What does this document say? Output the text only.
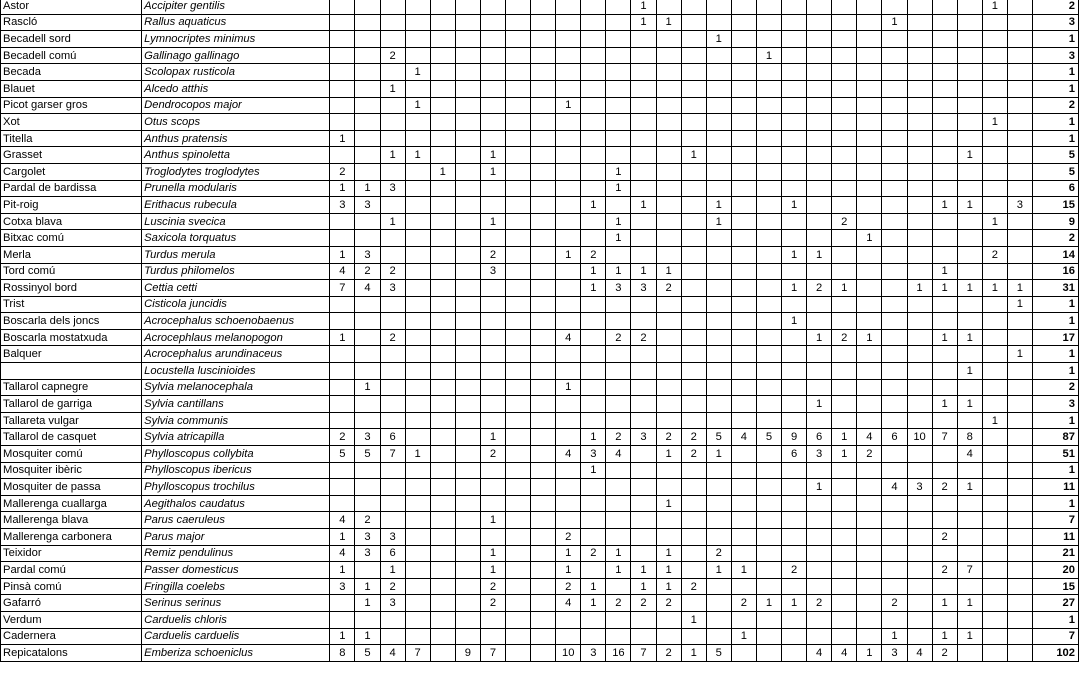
Astor	Accipiter gentilis													1														1		2
Rascló	Rallus aquaticus													1	1									1						3
Becadell sord	Lymnocriptes minimus																1													1
Becadell comú	Gallinago gallinago			2															1											3
Becada	Scolopax rusticola				1																									1
Blauet	Alcedo atthis			1																										1
Picot garser gros	Dendrocopos major				1						1																			2
Xot	Otus scops																											1		1
Titella	Anthus pratensis	1																												1
Grasset	Anthus spinoletta			1	1			1								1											1			5
Cargolet	Troglodytes troglodytes	2				1		1					1																	5
Pardal de bardissa	Prunella modularis	1	1	3									1																	6
Pit-roig	Erithacus rubecula	3	3									1		1			1			1						1	1		3	15
Cotxa blava	Luscinia svecica			1				1					1				1					2						1		9
Bitxac comú	Saxicola torquatus												1										1							2
Merla	Turdus merula	1	3					2			1	2								1	1							2		14
Tord comú	Turdus philomelos	4	2	2				3				1	1	1	1											1				16
Rossinyol bord	Cettia cetti	7	4	3								1	3	3	2					1	2	1			1	1	1	1	1	31
Trist	Cisticola juncidis																												1	1
Boscarla dels joncs	Acrocephalus schoenobaenus																			1										1
Boscarla mostatxuda	Acrocephlaus melanopogon	1		2							4		2	2							1	2	1			1	1			17
Balquer	Acrocephalus arundinaceus																												1	1
	Locustella luscinioides																										1			1
Tallarol capnegre	Sylvia melanocephala		1								1																			2
Tallarol de garriga	Sylvia cantillans																				1					1	1			3
Tallareta vulgar	Sylvia communis																											1		1
Tallarol de casquet	Sylvia atricapilla	2	3	6				1				1	2	3	2	2	5	4	5	9	6	1	4	6	10	7	8			87
Mosquiter comú	Phylloscopus collybita	5	5	7	1			2			4	3	4		1	2	1			6	3	1	2				4			51
Mosquiter ibèric	Phylloscopus ibericus											1																		1
Mosquiter de passa	Phylloscopus trochilus																				1			4	3	2	1			11
Mallerenga cuallarga	Aegithalos caudatus														1															1
Mallerenga blava	Parus caeruleus	4	2					1																						7
Mallerenga carbonera	Parus major	1	3	3							2															2				11
Teixidor	Remiz pendulinus	4	3	6				1			1	2	1		1		2													21
Pardal comú	Passer domesticus	1		1				1			1		1	1	1		1	1		2						2	7			20
Pinsà comú	Fringilla coelebs	3	1	2				2			2	1		1	1	2														15
Gafarró	Serinus serinus		1	3				2			4	1	2	2	2			2	1	1	2			2		1	1			27
Verdum	Carduelis chloris															1														1
Cadernera	Carduelis carduelis	1	1															1						1		1	1			7
Repicatalons	Emberiza schoeniclus	8	5	4	7		9	7			10	3	16	7	2	1	5				4	4	1	3	4	2				102
